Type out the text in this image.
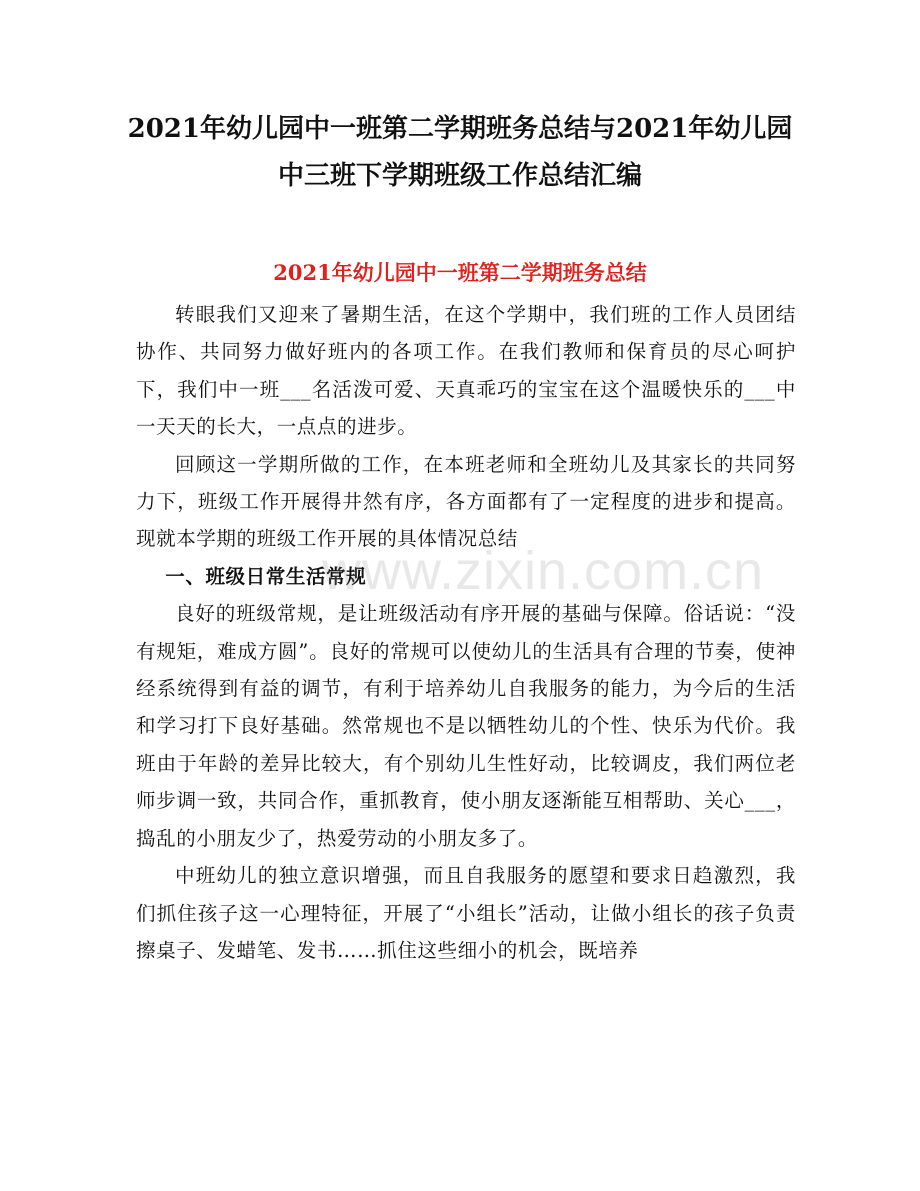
2021年幼儿园中一班第二学期班务总结与2021年幼儿园中三班下学期班级工作总结汇编
2021年幼儿园中一班第二学期班务总结

转眼我们又迎来了暑期生活，在这个学期中，我们班的工作人员团结协作、共同努力做好班内的各项工作。在我们教师和保育员的尽心呵护下，我们中一班___名活泼可爱、天真乖巧的宝宝在这个温暖快乐的___中一天天的长大，一点点的进步。

回顾这一学期所做的工作，在本班老师和全班幼儿及其家长的共同努力下，班级工作开展得井然有序，各方面都有了一定程度的进步和提高。现就本学期的班级工作开展的具体情况总结

一、班级日常生活常规

良好的班级常规，是让班级活动有序开展的基础与保障。俗话说：“没有规矩，难成方圆”。良好的常规可以使幼儿的生活具有合理的节奏，使神经系统得到有益的调节，有利于培养幼儿自我服务的能力，为今后的生活和学习打下良好基础。然常规也不是以牺牲幼儿的个性、快乐为代价。我班由于年龄的差异比较大，有个别幼儿生性好动，比较调皮，我们两位老师步调一致，共同合作，重抓教育，使小朋友逐渐能互相帮助、关心___，捣乱的小朋友少了，热爱劳动的小朋友多了。

中班幼儿的独立意识增强，而且自我服务的愿望和要求日趋激烈，我们抓住孩子这一心理特征，开展了“小组长”活动，让做小组长的孩子负责擦桌子、发蜡笔、发书……抓住这些细小的机会，既培养

www.zixin.com.cn
